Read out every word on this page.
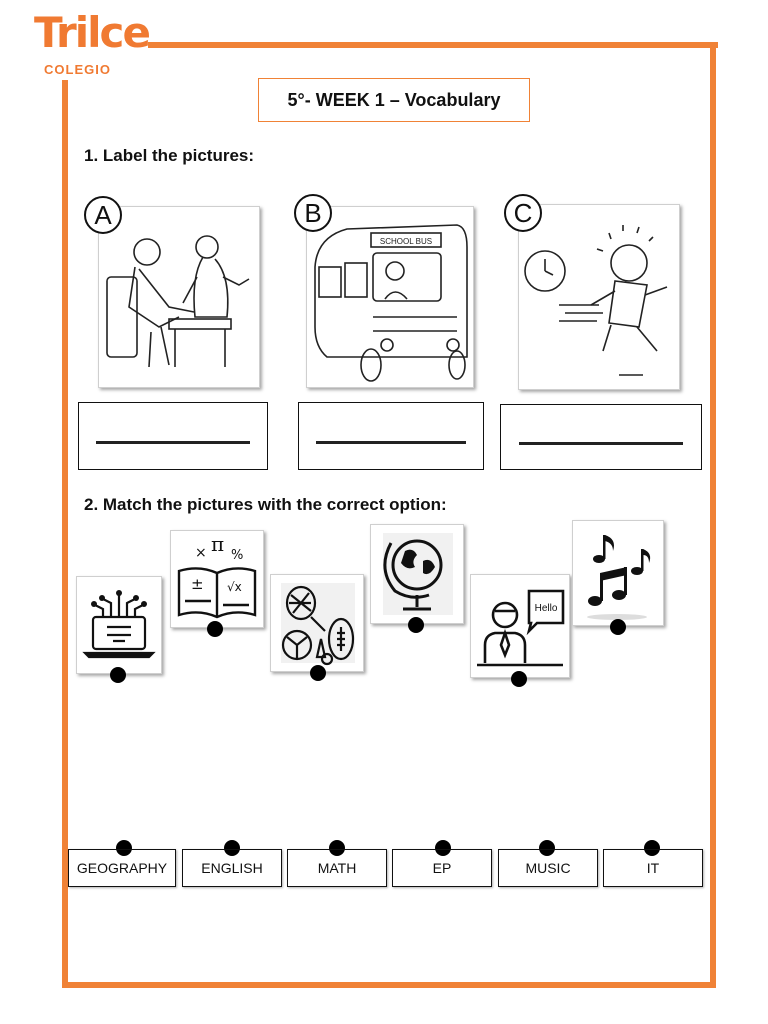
Trilce
COLEGIO
5°- WEEK 1 – Vocabulary
1. Label the pictures:
A
SCHOOL BUS
B	C
2. Match the pictures with the correct option:
× π %
± √x
Hello
GEOGRAPHY	ENGLISH	MATH	EP	MUSIC	IT
